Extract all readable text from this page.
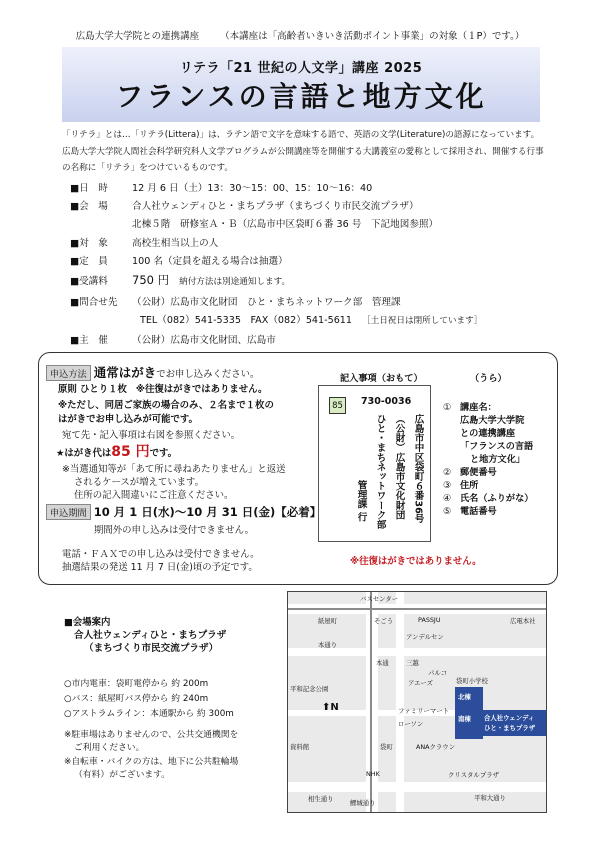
広島大学大学院との連携講座 （本講座は「高齢者いきいき活動ポイント事業」の対象（１P）です。）
リテラ「21 世紀の人文学」講座 2025
フランスの言語と地方文化

「リテラ」とは…「リテラ(Littera)」は、ラテン語で文字を意味する語で、英語の文学(Literature)の語源になっています。広島大学大学院人間社会科学研究科人文学プログラムが公開講座等を開催する大講義室の愛称として採用され、開催する行事の名称に「リテラ」をつけているものです。

■日　時	12 月 6 日（土）13：30〜15：00、15：10〜16：40
■会　場	合人社ウェンディひと・まちプラザ（まちづくり市民交流プラザ）
北棟５階　研修室Ａ・Ｂ（広島市中区袋町６番 36 号　下記地図参照）
■対　象	高校生相当以上の人
■定　員	100 名（定員を超える場合は抽選）
■受講料 750 円 納付方法は別途通知します。
■問合せ先 （公財）広島市文化財団　ひと・まちネットワーク部　管理課
TEL（082）541-5335　FAX（082）541-5611 ［土日祝日は閉所しています］
■主　催	（公財）広島市文化財団、広島市
申込方法 通常はがきでお申し込みください。
原則 ひとり１枚 ※往復はがきではありません。
※ただし、同居ご家族の場合のみ、２名まで１枚の
はがきでお申し込みが可能です。
宛て先・記入事項は右図を参照ください。
★はがき代は85 円です。
※当選通知等が「あて所に尋ねあたりません」と返送
されるケースが増えています。
住所の記入間違いにご注意ください。
申込期間 10 月 1 日(水)〜10 月 31 日(金)【必着】
期間外の申し込みは受付できません。
電話・ＦＡＸでの申し込みは受付できません。
抽選結果の発送 11 月 7 日(金)頃の予定です。
記入事項（おもて）	（うら）
85	730-0036
広島市中区袋町６番36号
（公財）広島市文化財団
ひと・まちネットワーク部
管理課 行
① 講座名：
広島大学大学院
との連携講座
「フランスの言語
と地方文化」
② 郵便番号
③ 住所
④ 氏名（ふりがな）
⑤ 電話番号
※往復はがきではありません。
■会場案内
合人社ウェンディひと・まちプラザ
（まちづくり市民交流プラザ）
○市内電車：袋町電停から 約 200m
○バス：紙屋町バス停から 約 240m
○アストラムライン：本通駅から 約 300m
※駐車場はありませんので、公共交通機関を
ご利用ください。
※自転車・バイクの方は、地下に公共駐輪場
（有料）がございます。
北棟
南棟 合人社ウェンディ
ひと・まちプラザ
バスセンター
そごう
紙屋町	広電本社
PASSJU
本通り
本通
アンデルセン
三越
パルコ
アエーズ	袋町小学校
ローソン
ファミリーマート
平和記念公園
資料館	袋町
NHK
ANAクラウン
クリスタルプラザ
平和大通り
相生通り	鯉城通り
⬆N
